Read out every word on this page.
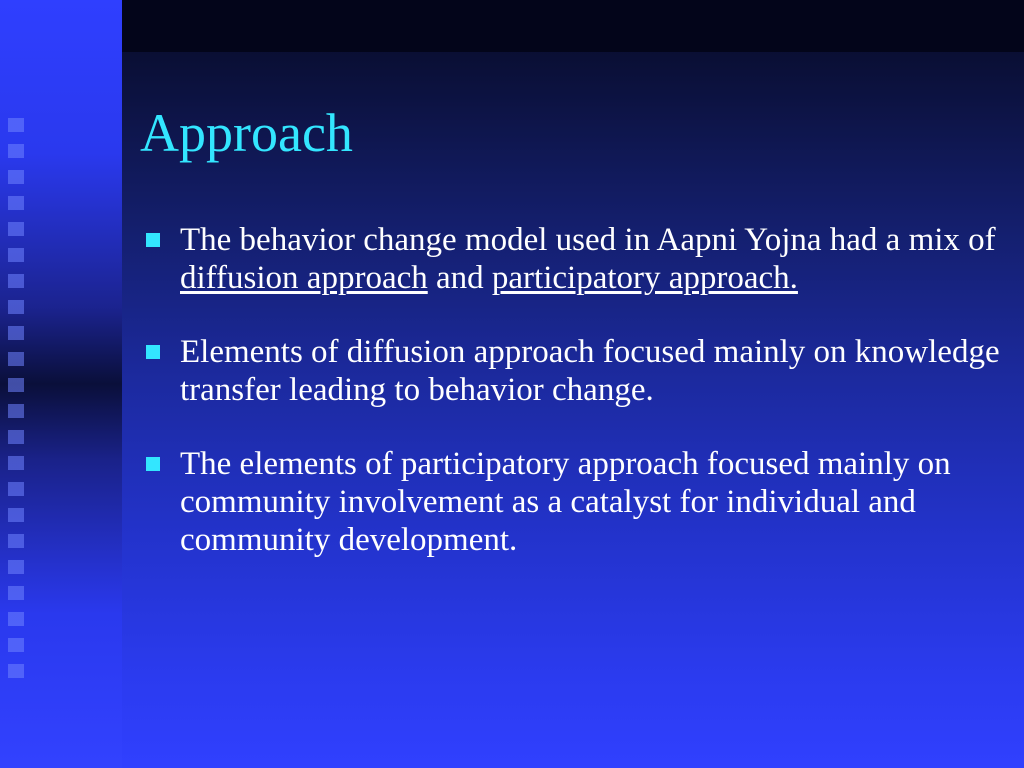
Approach
The behavior change model used in Aapni Yojna had a mix of diffusion approach and participatory approach.
Elements of diffusion approach focused mainly on knowledge transfer leading to behavior change.
The elements of participatory approach focused mainly on community involvement as a catalyst for individual and community development.
